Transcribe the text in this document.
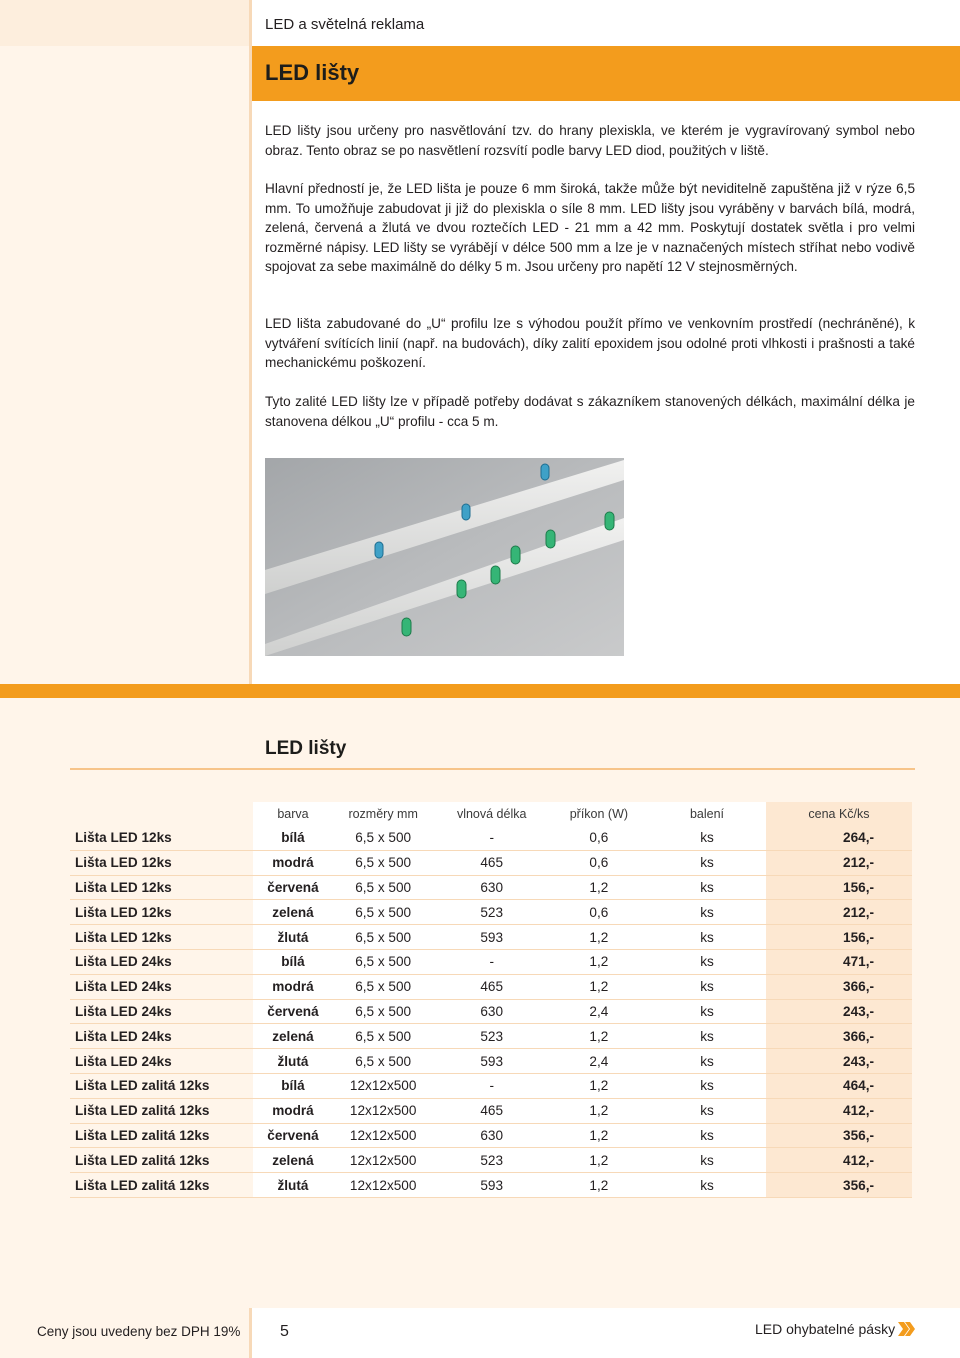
LED a světelná reklama
LED lišty

LED lišty jsou určeny pro nasvětlování tzv. do hrany plexiskla, ve kterém je vygravírovaný symbol nebo obraz. Tento obraz se po nasvětlení rozsvítí podle barvy LED diod, použitých v liště.

Hlavní předností je, že LED lišta je pouze 6 mm široká, takže může být neviditelně zapuštěna již v rýze 6,5 mm. To umožňuje zabudovat ji již do plexiskla o síle 8 mm. LED lišty jsou vyráběny v barvách bílá, modrá, zelená, červená a žlutá ve dvou roztečích LED - 21 mm a 42 mm. Poskytují dostatek světla i pro velmi rozměrné nápisy. LED lišty se vyrábějí v délce 500 mm a lze je v naznačených místech stříhat nebo vodivě spojovat za sebe maximálně do délky 5 m. Jsou určeny pro napětí 12 V stejnosměrných.

LED lišta zabudované do „U“ profilu lze s výhodou použít přímo ve venkovním prostředí (nechráněné), k vytváření svítících linií (např. na budovách), díky zalití epoxidem jsou odolné proti vlhkosti i prašnosti a také mechanickému poškození.

Tyto zalité LED lišty lze v případě potřeby dodávat s zákazníkem stanovených délkách, maximální délka je stanovena délkou „U“ profilu - cca 5 m.

LED lišty
	barva	rozměry mm	vlnová délka	příkon (W)	balení	cena Kč/ks
Lišta LED 12ks	bílá	6,5 x 500	-	0,6	ks	264,-
Lišta LED 12ks	modrá	6,5 x 500	465	0,6	ks	212,-
Lišta LED 12ks	červená	6,5 x 500	630	1,2	ks	156,-
Lišta LED 12ks	zelená	6,5 x 500	523	0,6	ks	212,-
Lišta LED 12ks	žlutá	6,5 x 500	593	1,2	ks	156,-
Lišta LED 24ks	bílá	6,5 x 500	-	1,2	ks	471,-
Lišta LED 24ks	modrá	6,5 x 500	465	1,2	ks	366,-
Lišta LED 24ks	červená	6,5 x 500	630	2,4	ks	243,-
Lišta LED 24ks	zelená	6,5 x 500	523	1,2	ks	366,-
Lišta LED 24ks	žlutá	6,5 x 500	593	2,4	ks	243,-
Lišta LED zalitá 12ks	bílá	12x12x500	-	1,2	ks	464,-
Lišta LED zalitá 12ks	modrá	12x12x500	465	1,2	ks	412,-
Lišta LED zalitá 12ks	červená	12x12x500	630	1,2	ks	356,-
Lišta LED zalitá 12ks	zelená	12x12x500	523	1,2	ks	412,-
Lišta LED zalitá 12ks	žlutá	12x12x500	593	1,2	ks	356,-
Ceny jsou uvedeny bez DPH 19% 5	LED ohybatelné pásky
